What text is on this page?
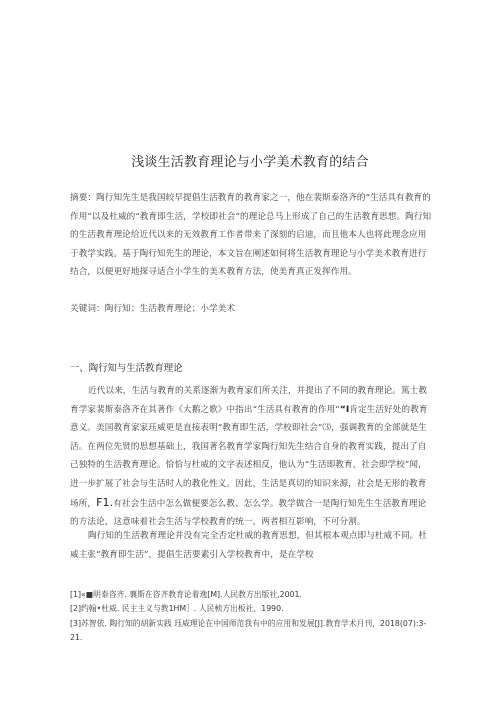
浅谈生活教育理论与小学美术教育的结合

摘要：陶行知先生是我国较早提倡生活教育的教育家之一，他在裴斯泰洛齐的“生活具有教育的作用”以及杜威的“教育即生活，学校即社会”的理论总马上形成了自己的生活教育思想。陶行知的生活教育理论给近代以来的无效教育工作者带来了深刻的启迪，而且他本人也将此理念应用于教学实践。基于陶行知先生的理论，本文旨在阐述如何将生活教育理论与小学美术教育进行结合，以便更好地探寻适合小学生的美术教育方法，使美育真正发挥作用。

关键词：陶行知；生活教育理论；小学美术

一、陶行知与生活教育理论

近代以来，生活与教育的关系逐渐为教育家们所关注，并提出了不同的教育理论。篤士教育学家裴斯泰洛齐在其著作《大鹅之歌》中指出“生活具有教育的作用”“I肯定生活好处的教育意义。美国教育家家珏威更是直接表明“教育即生活，学校即社会”⑶，强调教育的全部就是生活。在两位先贤的思想基础上，我国著名教育学家陶行知先生结合自身的教育实践，提出了自己独特的生活教育理论。恰恰与杜威的文字表述相反，他认为“生活即教育，社会即学校”闻，进一步扩展了社会与生活时人的教化性义。因此，生活是真切的知识来源，社会是无形的教育场所，F1.有社会生活中怎么做便要怎么教、怎么学。教学做合一是陶行知先生生活教育理论的方法论，这意味着社会生活与学校教育的统一，两者相互影响，不可分割。

陶行知的生活教育理论并没有完全否定杜威的教育思想，但其根本观点即与杜威不同。杜威主张“教育即生活”，提倡生活要素引入学校教育中，是在学校

[1]«■明泰咨齐. 襄斯在咨齐教育论着逸[M].人民教方出版社,2001.
[2]约翰•杜威. 民主主义与教1HM］. 人民桢方出板社，1990.
[3]苏智依. 陶行知的胡新实践 珏威理论在中国师范我有中的应用和发展[J].教育学术月刊，2018(07):3-21.
